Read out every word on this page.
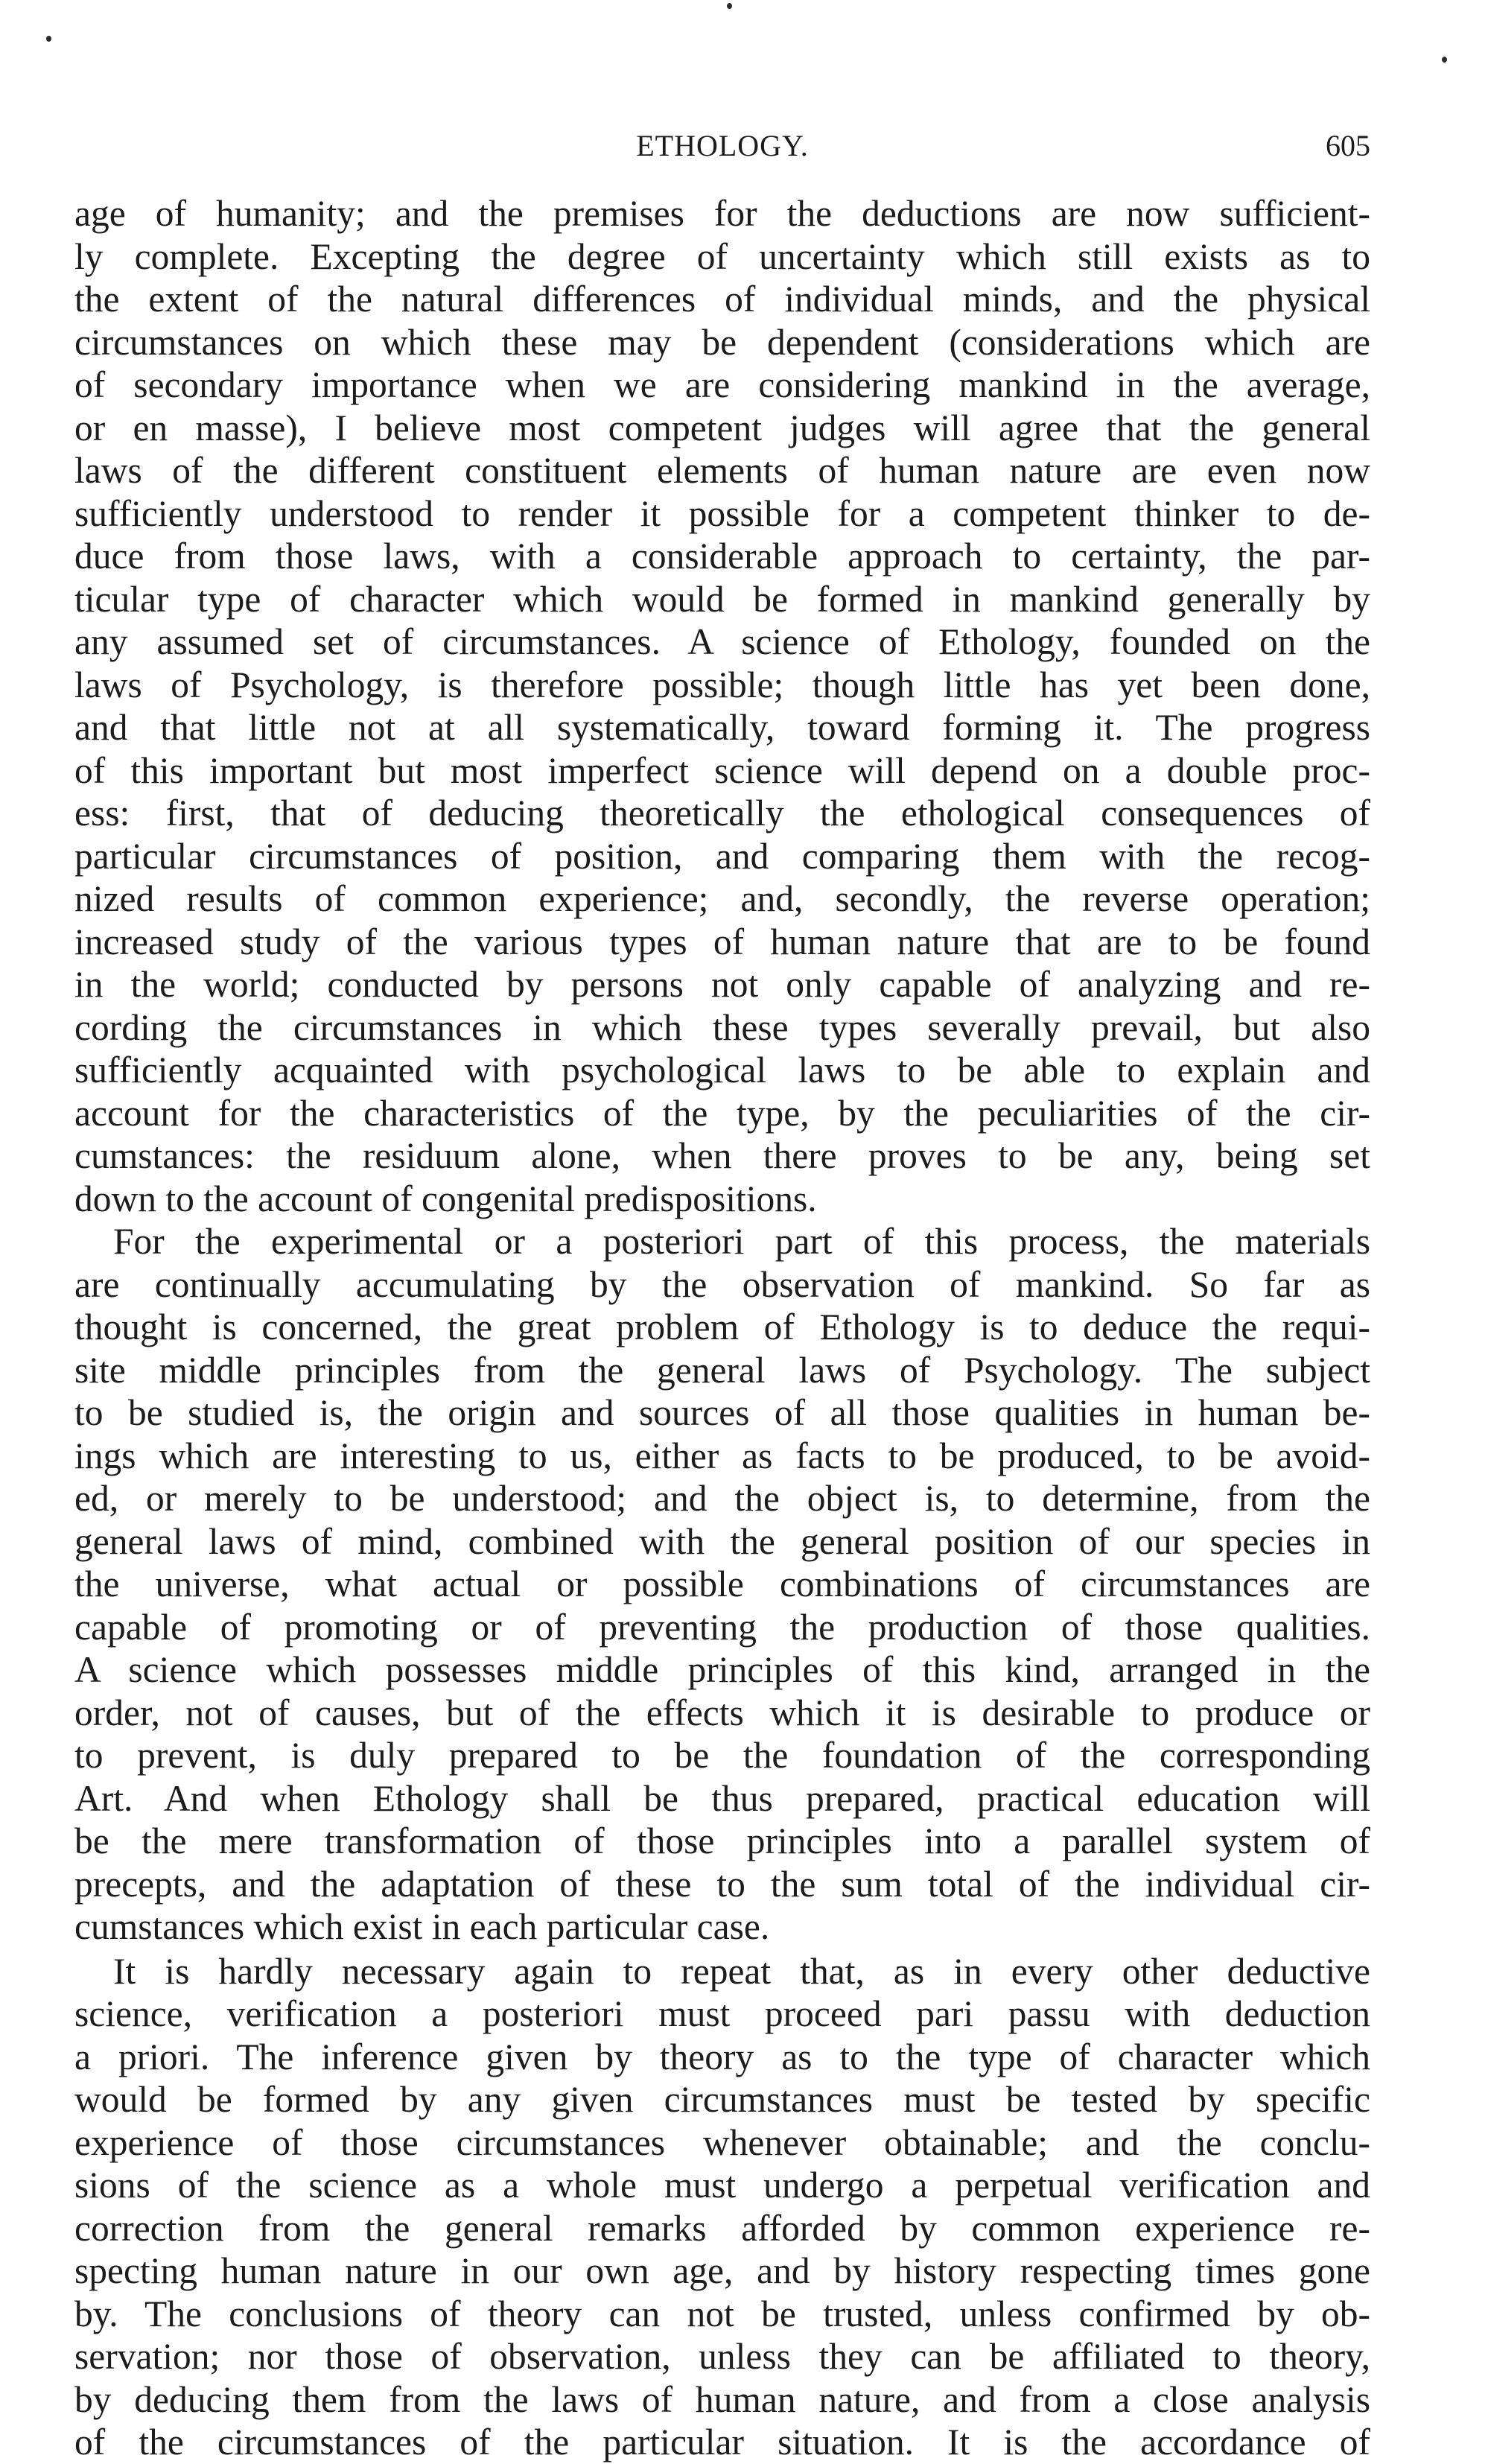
ETHOLOGY.	605
age of humanity; and the premises for the deductions are now sufficient-
ly complete. Excepting the degree of uncertainty which still exists as to
the extent of the natural differences of individual minds, and the physical
circumstances on which these may be dependent (considerations which are
of secondary importance when we are considering mankind in the average,
or en masse), I believe most competent judges will agree that the general
laws of the different constituent elements of human nature are even now
sufficiently understood to render it possible for a competent thinker to de-
duce from those laws, with a considerable approach to certainty, the par-
ticular type of character which would be formed in mankind generally by
any assumed set of circumstances. A science of Ethology, founded on the
laws of Psychology, is therefore possible; though little has yet been done,
and that little not at all systematically, toward forming it. The progress
of this important but most imperfect science will depend on a double proc-
ess: first, that of deducing theoretically the ethological consequences of
particular circumstances of position, and comparing them with the recog-
nized results of common experience; and, secondly, the reverse operation;
increased study of the various types of human nature that are to be found
in the world; conducted by persons not only capable of analyzing and re-
cording the circumstances in which these types severally prevail, but also
sufficiently acquainted with psychological laws to be able to explain and
account for the characteristics of the type, by the peculiarities of the cir-
cumstances: the residuum alone, when there proves to be any, being set
down to the account of congenital predispositions.
For the experimental or a posteriori part of this process, the materials
are continually accumulating by the observation of mankind. So far as
thought is concerned, the great problem of Ethology is to deduce the requi-
site middle principles from the general laws of Psychology. The subject
to be studied is, the origin and sources of all those qualities in human be-
ings which are interesting to us, either as facts to be produced, to be avoid-
ed, or merely to be understood; and the object is, to determine, from the
general laws of mind, combined with the general position of our species in
the universe, what actual or possible combinations of circumstances are
capable of promoting or of preventing the production of those qualities.
A science which possesses middle principles of this kind, arranged in the
order, not of causes, but of the effects which it is desirable to produce or
to prevent, is duly prepared to be the foundation of the corresponding
Art. And when Ethology shall be thus prepared, practical education will
be the mere transformation of those principles into a parallel system of
precepts, and the adaptation of these to the sum total of the individual cir-
cumstances which exist in each particular case.
It is hardly necessary again to repeat that, as in every other deductive
science, verification a posteriori must proceed pari passu with deduction
a priori. The inference given by theory as to the type of character which
would be formed by any given circumstances must be tested by specific
experience of those circumstances whenever obtainable; and the conclu-
sions of the science as a whole must undergo a perpetual verification and
correction from the general remarks afforded by common experience re-
specting human nature in our own age, and by history respecting times gone
by. The conclusions of theory can not be trusted, unless confirmed by ob-
servation; nor those of observation, unless they can be affiliated to theory,
by deducing them from the laws of human nature, and from a close analysis
of the circumstances of the particular situation. It is the accordance of
